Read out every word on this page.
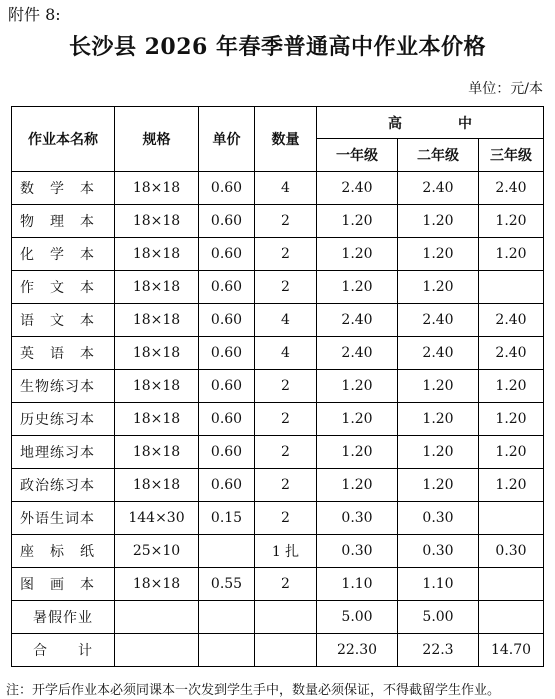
附件 8:
长沙县 2026 年春季普通高中作业本价格
单位：元/本
作业本名称	规格	单价	数量	高　　　　中		
				一年级	二年级	三年级
数　学　本	18×18	0.60	4	2.40	2.40	2.40
物　理　本	18×18	0.60	2	1.20	1.20	1.20
化　学　本	18×18	0.60	2	1.20	1.20	1.20
作　文　本	18×18	0.60	2	1.20	1.20	
语　文　本	18×18	0.60	4	2.40	2.40	2.40
英　语　本	18×18	0.60	4	2.40	2.40	2.40
生物练习本	18×18	0.60	2	1.20	1.20	1.20
历史练习本	18×18	0.60	2	1.20	1.20	1.20
地理练习本	18×18	0.60	2	1.20	1.20	1.20
政治练习本	18×18	0.60	2	1.20	1.20	1.20
外语生词本	144×30	0.15	2	0.30	0.30	
座　标　纸	25×10		1 扎	0.30	0.30	0.30
图　画　本	18×18	0.55	2	1.10	1.10	
暑假作业				5.00	5.00	
合　　计				22.30	22.3	14.70
注：开学后作业本必须同课本一次发到学生手中，数量必须保证，不得截留学生作业。
